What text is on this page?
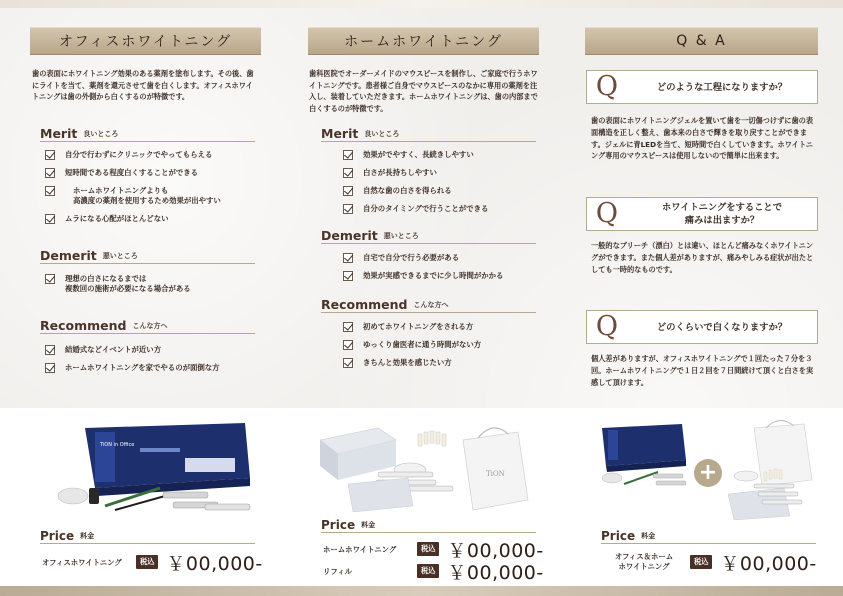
オフィスホワイトニング
歯の表面にホワイトニング効果のある薬剤を塗布します。その後、歯にライトを当て、薬剤を還元させて歯を白くします。オフィスホワイトニングは歯の外側から白くするのが特徴です。
Merit 良いところ
自分で行わずにクリニックでやってもらえる
短時間である程度白くすることができる
ホームホワイトニングよりも
高濃度の薬剤を使用するため効果が出やすい
ムラになる心配がほとんどない
Demerit 悪いところ
理想の白さになるまでは
複数回の施術が必要になる場合がある
Recommend こんな方へ
結婚式などイベントが近い方
ホームホワイトニングを家でやるのが面倒な方
TiON in Office
Price 料金
オフィスホワイトニング	税込 ￥00,000-
ホームホワイトニング
歯科医院でオーダーメイドのマウスピースを制作し、ご家庭で行うホワイトニングです。患者様ご自身でマウスピースのなかに専用の薬剤を注入し、装着していただきます。ホームホワイトニングは、歯の内部まで白くするのが特徴です。
Merit 良いところ
効果がでやすく、長続きしやすい
白さが長持ちしやすい
自然な歯の白さを得られる
自分のタイミングで行うことができる
Demerit 悪いところ
自宅で自分で行う必要がある
効果が実感できるまでに少し時間がかかる
Recommend こんな方へ
初めてホワイトニングをされる方
ゆっくり歯医者に通う時間がない方
きちんと効果を感じたい方
TiON
Price 料金
ホームホワイトニング	税込 ￥00,000-
リフィル	税込 ￥00,000-
Q & A
Q	どのような工程になりますか？
歯の表面にホワイトニングジェルを置いて歯を一切傷つけずに歯の表面構造を正しく整え、歯本来の白さで輝きを取り戻すことができます。ジェルに青LEDを当て、短時間で白くしていきます。ホワイトニング専用のマウスピースは使用しないので簡単に出来ます。
Q	ホワイトニングをすることで
痛みは出ますか？
一般的なブリーチ（漂白）とは違い、ほとんど痛みなくホワイトニングができます。また個人差がありますが、痛みやしみる症状が出たとしても一時的なものです。
Q	どのくらいで白くなりますか？
個人差がありますが、オフィスホワイトニングで１回たった７分を３回。ホームホワイトニングで１日２回を７日間続けて頂くと白さを実感して頂けます。
+
Price 料金
オフィス＆ホーム
ホワイトニング
税込 ￥00,000-
